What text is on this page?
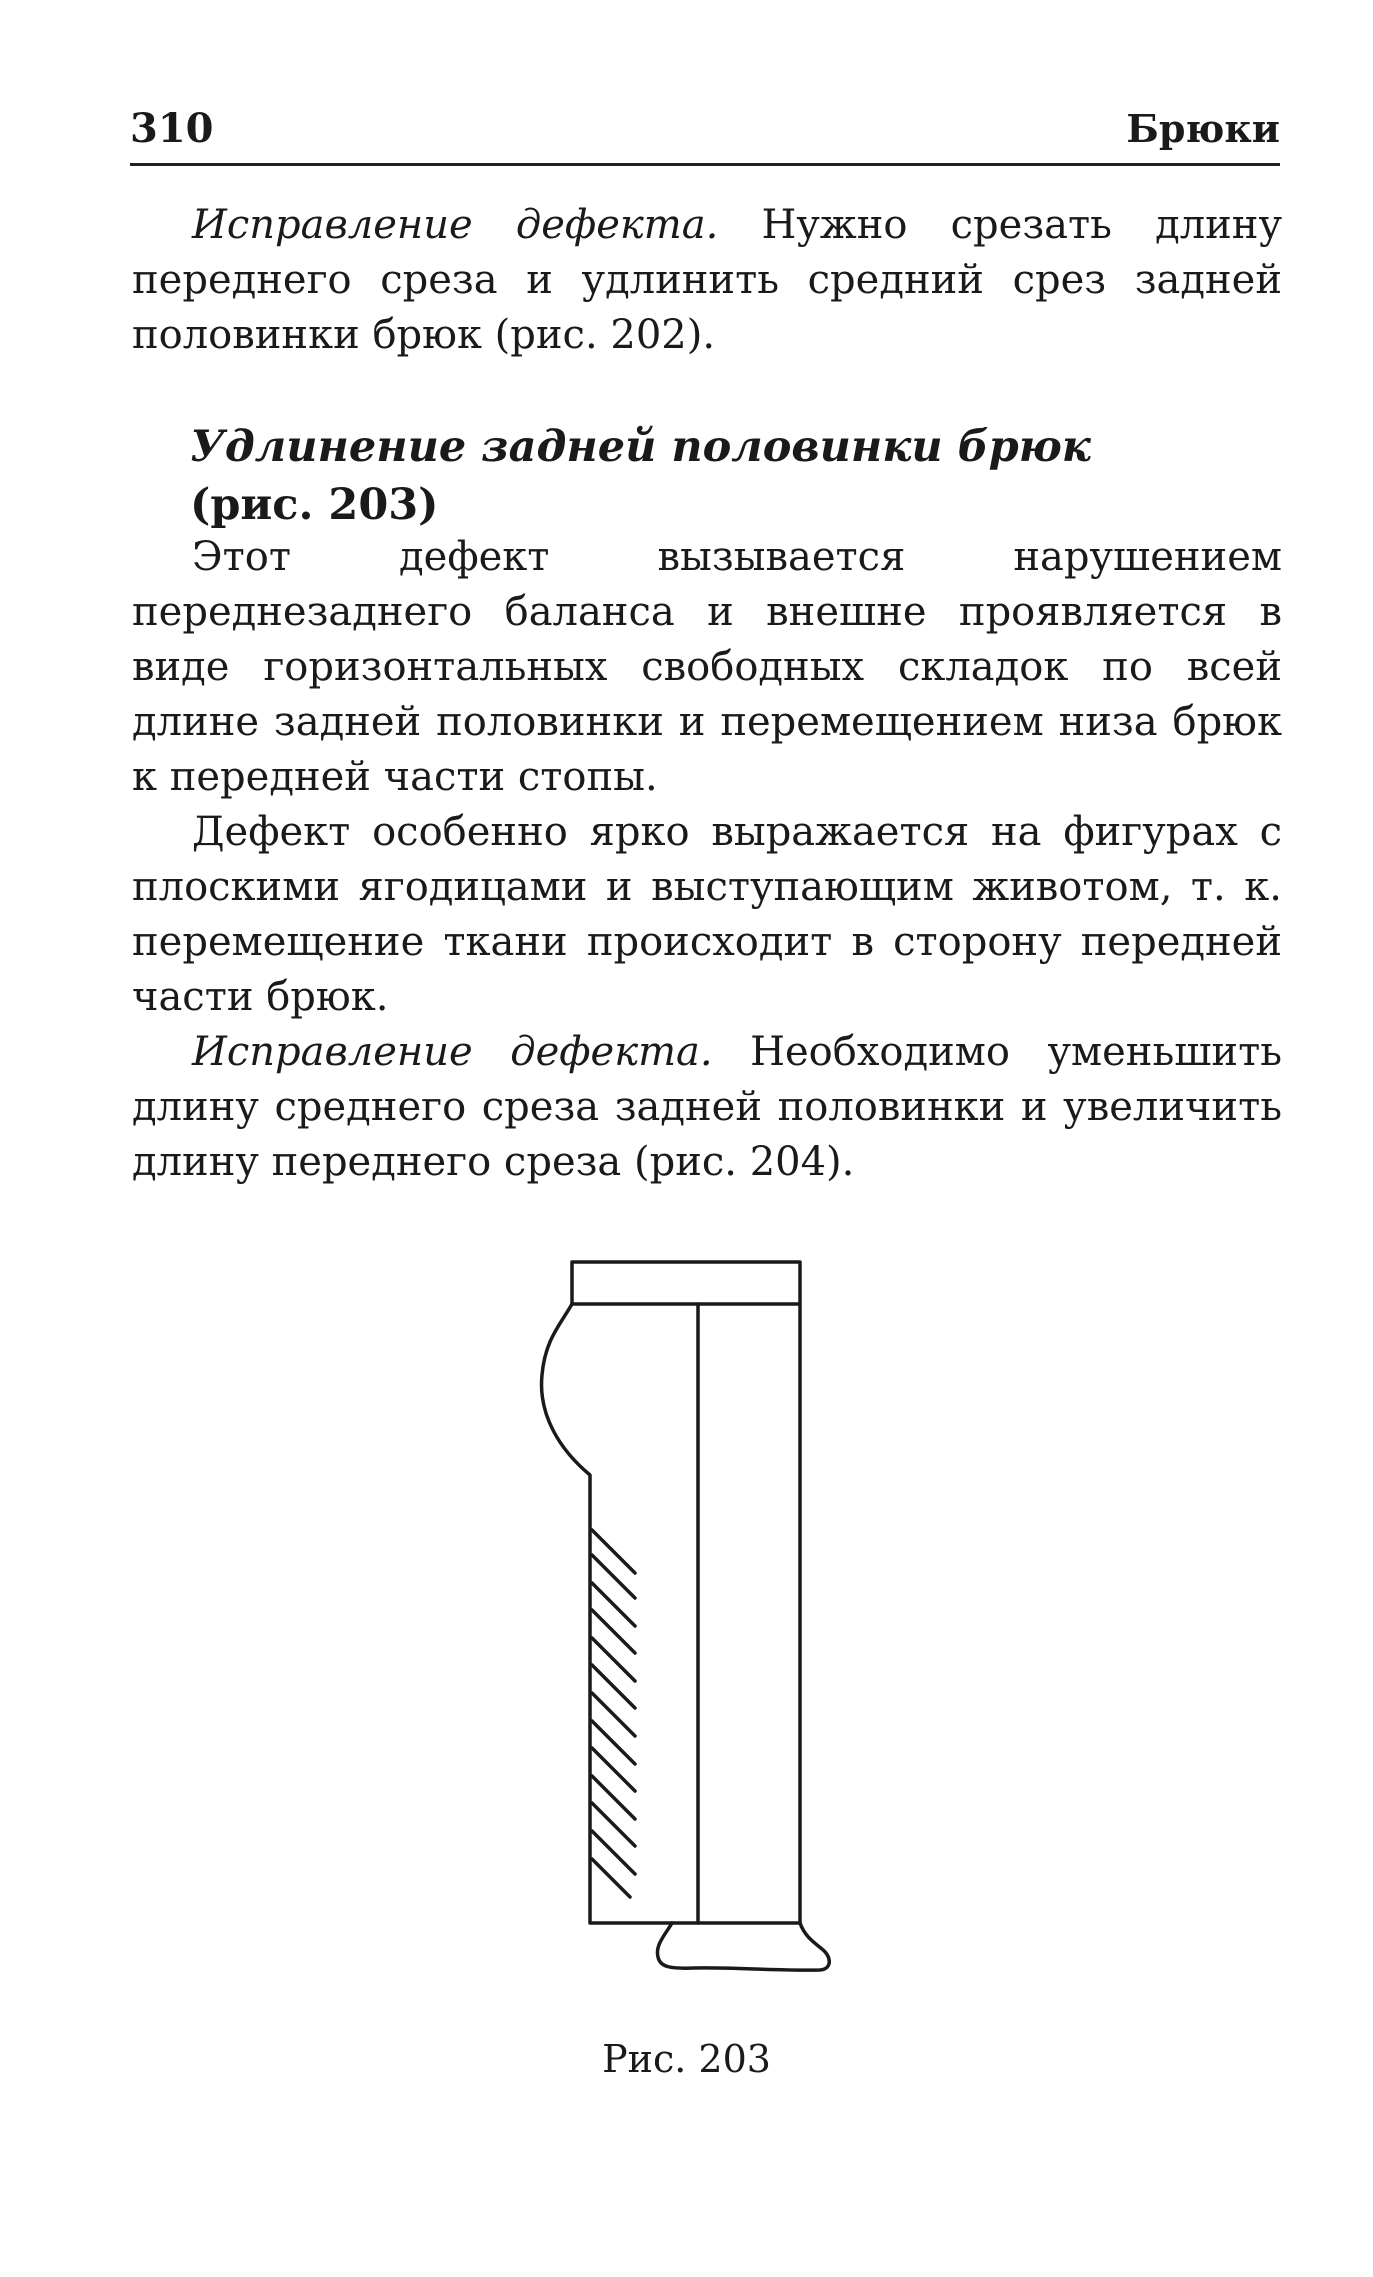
310	Брюки

Исправление дефекта. Нужно срезать длину переднего среза и удлинить средний срез задней половинки брюк (рис. 202).

Удлинение задней половинки брюк
(рис. 203)

Этот дефект вызывается нарушением переднезаднего баланса и внешне проявляется в виде горизонтальных свободных складок по всей длине задней половинки и перемещением низа брюк к передней части стопы.

Дефект особенно ярко выражается на фигурах с плоскими ягодицами и выступающим животом, т. к. перемещение ткани происходит в сторону передней части брюк.

Исправление дефекта. Необходимо уменьшить длину среднего среза задней половинки и увеличить длину переднего среза (рис. 204).

Рис. 203
